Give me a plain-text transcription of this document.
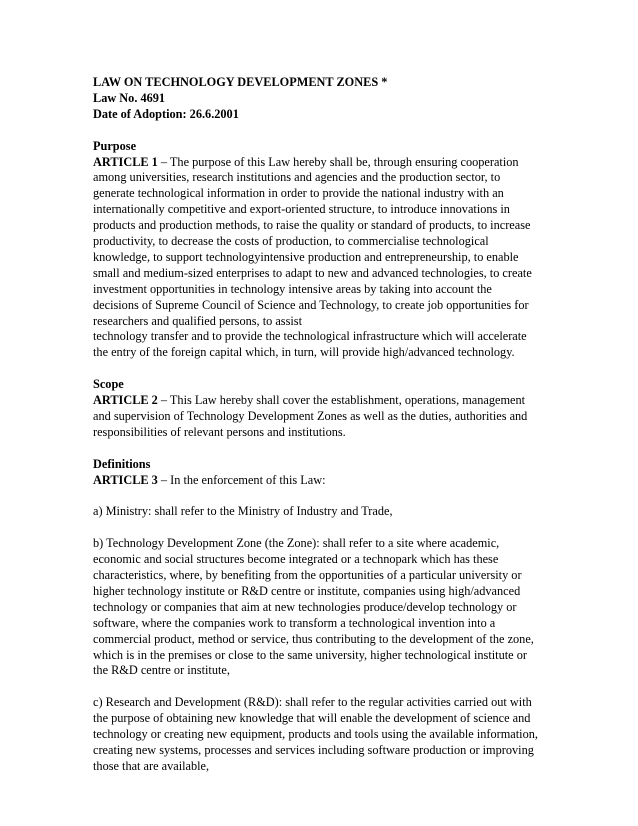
LAW ON TECHNOLOGY DEVELOPMENT ZONES *
Law No. 4691
Date of Adoption: 26.6.2001
Purpose
ARTICLE 1 – The purpose of this Law hereby shall be, through ensuring cooperation
among universities, research institutions and agencies and the production sector, to
generate technological information in order to provide the national industry with an
internationally competitive and export-oriented structure, to introduce innovations in
products and production methods, to raise the quality or standard of products, to increase
productivity, to decrease the costs of production, to commercialise technological
knowledge, to support technologyintensive production and entrepreneurship, to enable
small and medium-sized enterprises to adapt to new and advanced technologies, to create
investment opportunities in technology intensive areas by taking into account the
decisions of Supreme Council of Science and Technology, to create job opportunities for
researchers and qualified persons, to assist
technology transfer and to provide the technological infrastructure which will accelerate
the entry of the foreign capital which, in turn, will provide high/advanced technology.
Scope
ARTICLE 2 – This Law hereby shall cover the establishment, operations, management
and supervision of Technology Development Zones as well as the duties, authorities and
responsibilities of relevant persons and institutions.
Definitions
ARTICLE 3 – In the enforcement of this Law:
a) Ministry: shall refer to the Ministry of Industry and Trade,
b) Technology Development Zone (the Zone): shall refer to a site where academic,
economic and social structures become integrated or a technopark which has these
characteristics, where, by benefiting from the opportunities of a particular university or
higher technology institute or R&D centre or institute, companies using high/advanced
technology or companies that aim at new technologies produce/develop technology or
software, where the companies work to transform a technological invention into a
commercial product, method or service, thus contributing to the development of the zone,
which is in the premises or close to the same university, higher technological institute or
the R&D centre or institute,
c) Research and Development (R&D): shall refer to the regular activities carried out with
the purpose of obtaining new knowledge that will enable the development of science and
technology or creating new equipment, products and tools using the available information,
creating new systems, processes and services including software production or improving
those that are available,
